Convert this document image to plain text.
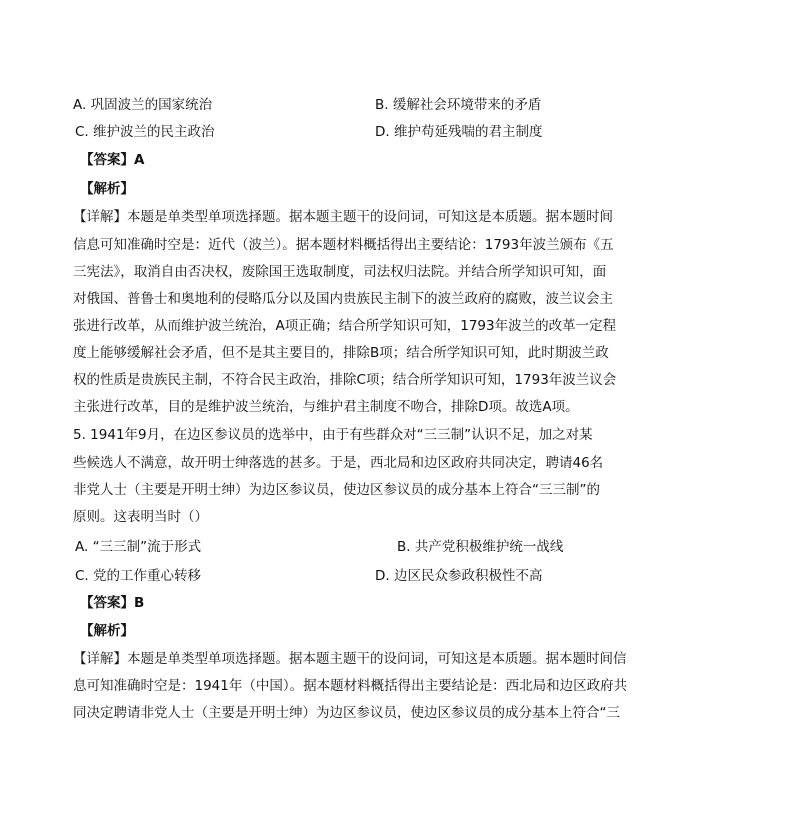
A. 巩固波兰的国家统治	B. 缓解社会环境带来的矛盾
C. 维护波兰的民主政治	D. 维护苟延残喘的君主制度
【答案】A
【解析】
【详解】本题是单类型单项选择题。据本题主题干的设问词，可知这是本质题。据本题时间
信息可知准确时空是：近代（波兰）。据本题材料概括得出主要结论：1793年波兰颁布《五
三宪法》，取消自由否决权，废除国王选取制度，司法权归法院。并结合所学知识可知，面
对俄国、普鲁士和奥地利的侵略瓜分以及国内贵族民主制下的波兰政府的腐败，波兰议会主
张进行改革，从而维护波兰统治，A项正确；结合所学知识可知，1793年波兰的改革一定程
度上能够缓解社会矛盾，但不是其主要目的，排除B项；结合所学知识可知，此时期波兰政
权的性质是贵族民主制，不符合民主政治，排除C项；结合所学知识可知，1793年波兰议会
主张进行改革，目的是维护波兰统治，与维护君主制度不吻合，排除D项。故选A项。
5. 1941年9月，在边区参议员的选举中，由于有些群众对“三三制”认识不足，加之对某
些候选人不满意，故开明士绅落选的甚多。于是，西北局和边区政府共同决定，聘请46名
非党人士（主要是开明士绅）为边区参议员，使边区参议员的成分基本上符合“三三制”的
原则。这表明当时（）
A. “三三制”流于形式	B. 共产党积极维护统一战线
C. 党的工作重心转移	D. 边区民众参政积极性不高
【答案】B
【解析】
【详解】本题是单类型单项选择题。据本题主题干的设问词，可知这是本质题。据本题时间信
息可知准确时空是：1941年（中国）。据本题材料概括得出主要结论是：西北局和边区政府共
同决定聘请非党人士（主要是开明士绅）为边区参议员，使边区参议员的成分基本上符合“三
